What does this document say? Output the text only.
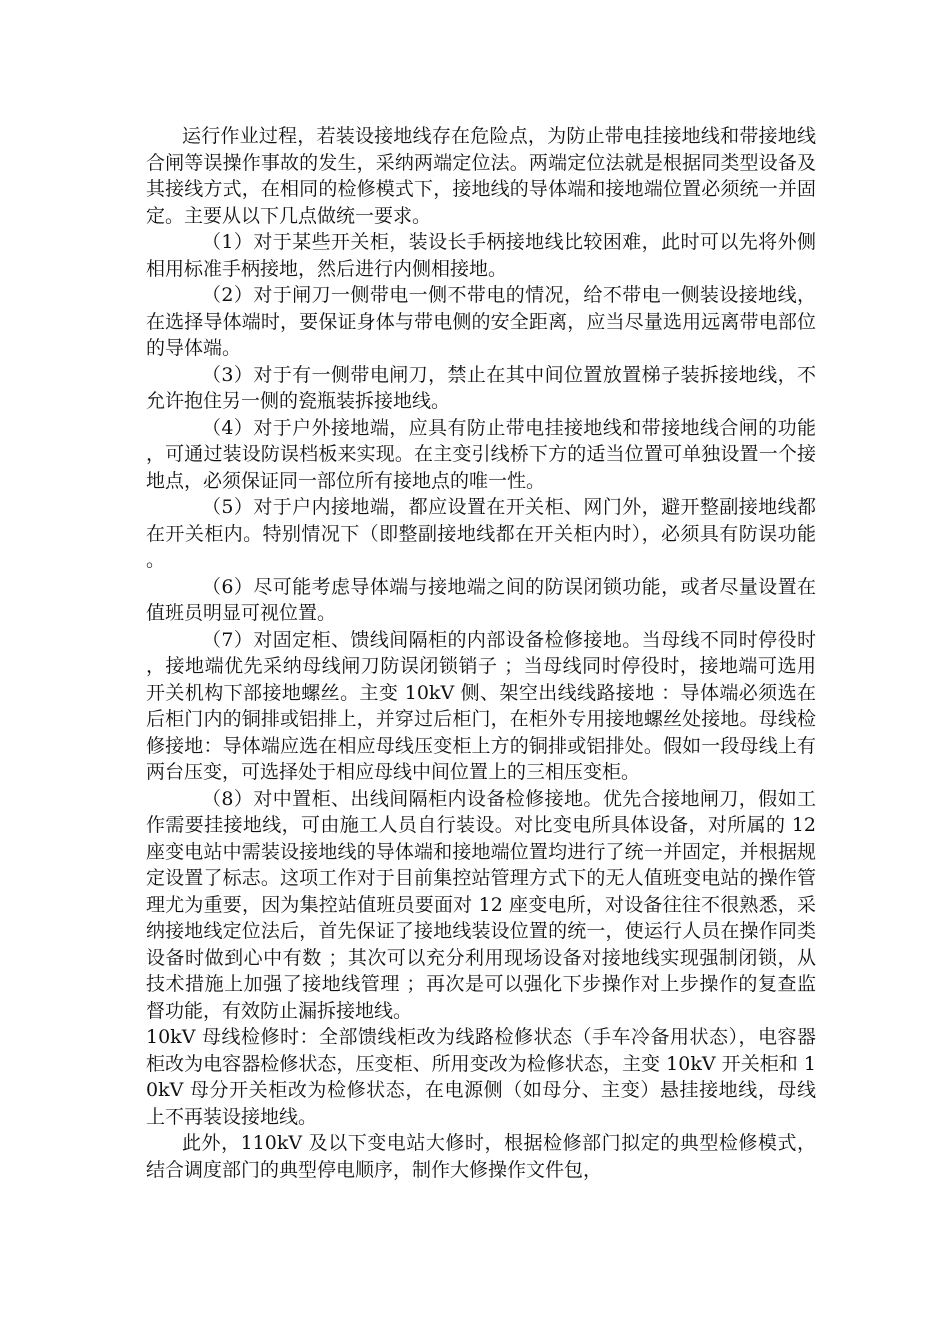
运行作业过程，若装设接地线存在危险点，为防止带电挂接地线和带接地线合闸等误操作事故的发生，采纳两端定位法。两端定位法就是根据同类型设备及其接线方式，在相同的检修模式下，接地线的导体端和接地端位置必须统一并固定。主要从以下几点做统一要求。

（1）对于某些开关柜，装设长手柄接地线比较困难，此时可以先将外侧相用标准手柄接地，然后进行内侧相接地。

（2）对于闸刀一侧带电一侧不带电的情况，给不带电一侧装设接地线，在选择导体端时，要保证身体与带电侧的安全距离，应当尽量选用远离带电部位的导体端。

（3）对于有一侧带电闸刀，禁止在其中间位置放置梯子装拆接地线，不允许抱住另一侧的瓷瓶装拆接地线。

（4）对于户外接地端，应具有防止带电挂接地线和带接地线合闸的功能，可通过装设防误档板来实现。在主变引线桥下方的适当位置可单独设置一个接地点，必须保证同一部位所有接地点的唯一性。

（5）对于户内接地端，都应设置在开关柜、网门外，避开整副接地线都在开关柜内。特别情况下（即整副接地线都在开关柜内时），必须具有防误功能。

（6）尽可能考虑导体端与接地端之间的防误闭锁功能，或者尽量设置在值班员明显可视位置。

（7）对固定柜、馈线间隔柜的内部设备检修接地。当母线不同时停役时，接地端优先采纳母线闸刀防误闭锁销子 ；当母线同时停役时，接地端可选用开关机构下部接地螺丝。主变 10kV 侧、架空出线线路接地 ：导体端必须选在后柜门内的铜排或铝排上，并穿过后柜门，在柜外专用接地螺丝处接地。母线检修接地：导体端应选在相应母线压变柜上方的铜排或铝排处。假如一段母线上有两台压变，可选择处于相应母线中间位置上的三相压变柜。

（8）对中置柜、出线间隔柜内设备检修接地。优先合接地闸刀，假如工作需要挂接地线，可由施工人员自行装设。对比变电所具体设备，对所属的 12 座变电站中需装设接地线的导体端和接地端位置均进行了统一并固定，并根据规定设置了标志。这项工作对于目前集控站管理方式下的无人值班变电站的操作管理尤为重要，因为集控站值班员要面对 12 座变电所，对设备往往不很熟悉，采纳接地线定位法后，首先保证了接地线装设位置的统一，使运行人员在操作同类设备时做到心中有数 ；其次可以充分利用现场设备对接地线实现强制闭锁，从技术措施上加强了接地线管理 ；再次是可以强化下步操作对上步操作的复查监督功能，有效防止漏拆接地线。

10kV 母线检修时：全部馈线柜改为线路检修状态（手车冷备用状态），电容器柜改为电容器检修状态，压变柜、所用变改为检修状态，主变 10kV 开关柜和 10kV 母分开关柜改为检修状态，在电源侧（如母分、主变）悬挂接地线，母线上不再装设接地线。

此外，110kV 及以下变电站大修时，根据检修部门拟定的典型检修模式，结合调度部门的典型停电顺序，制作大修操作文件包，
